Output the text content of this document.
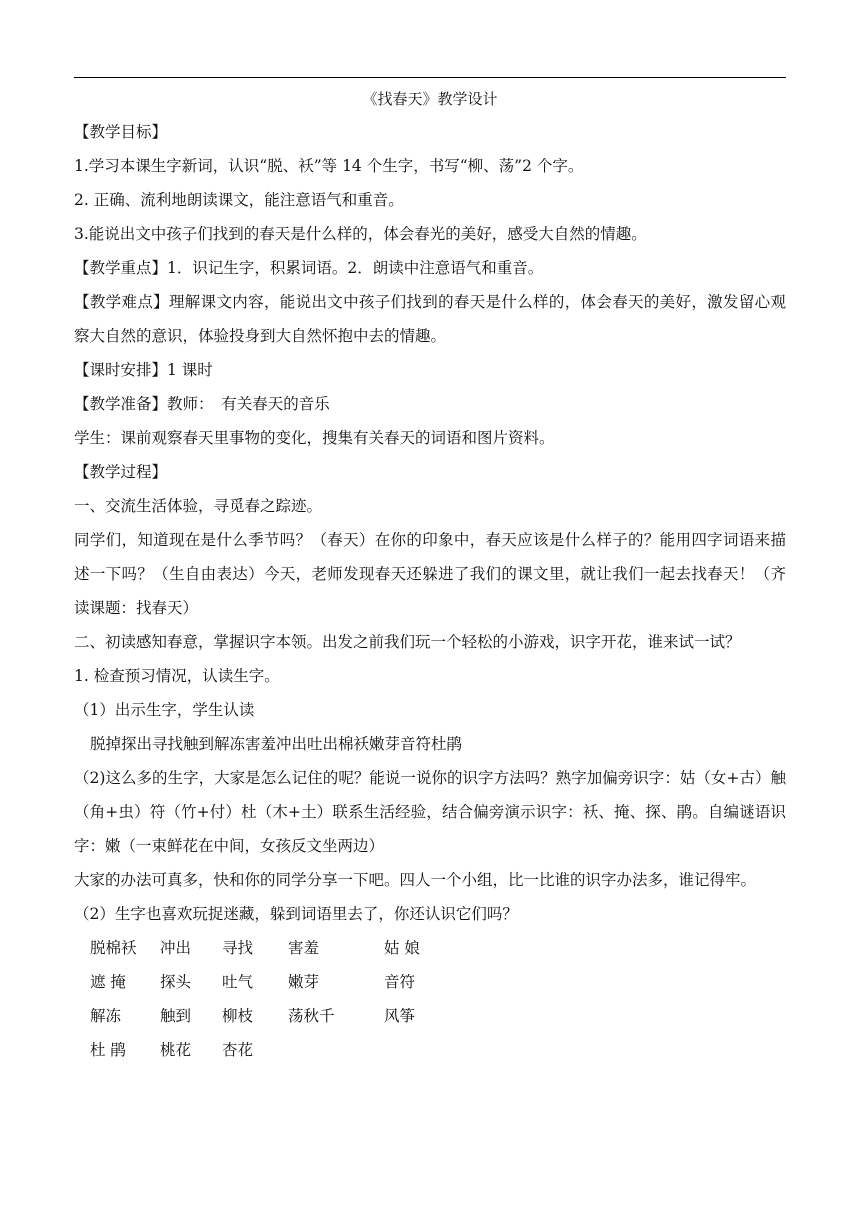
《找春天》教学设计

【教学目标】

1.学习本课生字新词，认识“脱、袄”等 14 个生字，书写“柳、荡”2 个字。

2. 正确、流利地朗读课文，能注意语气和重音。

3.能说出文中孩子们找到的春天是什么样的，体会春光的美好，感受大自然的情趣。

【教学重点】1．识记生字，积累词语。2．朗读中注意语气和重音。

【教学难点】理解课文内容，能说出文中孩子们找到的春天是什么样的，体会春天的美好，激发留心观察大自然的意识，体验投身到大自然怀抱中去的情趣。

【课时安排】1 课时

【教学准备】教师：　有关春天的音乐

学生：课前观察春天里事物的变化，搜集有关春天的词语和图片资料。

【教学过程】

一、交流生活体验，寻觅春之踪迹。

同学们，知道现在是什么季节吗？（春天）在你的印象中，春天应该是什么样子的？能用四字词语来描述一下吗？（生自由表达）今天，老师发现春天还躲进了我们的课文里，就让我们一起去找春天！（齐读课题：找春天）

二、初读感知春意，掌握识字本领。出发之前我们玩一个轻松的小游戏，识字开花，谁来试一试？

1. 检查预习情况，认读生字。

（1）出示生字，学生认读

脱掉探出寻找触到解冻害羞冲出吐出棉袄嫩芽音符杜鹃

（2)这么多的生字，大家是怎么记住的呢？能说一说你的识字方法吗？熟字加偏旁识字：姑（女+古）触（角+虫）符（竹+付）杜（木+土）联系生活经验，结合偏旁演示识字：袄、掩、探、鹃。自编谜语识字：嫩（一束鲜花在中间，女孩反文坐两边）

大家的办法可真多，快和你的同学分享一下吧。四人一个小组，比一比谁的识字办法多，谁记得牢。

（2）生字也喜欢玩捉迷藏，躲到词语里去了，你还认识它们吗？

脱棉袄	冲出	寻找	害羞	姑 娘
遮 掩	探头	吐气	嫩芽	音符
解冻	触到	柳枝	荡秋千	风筝
杜 鹃	桃花	杏花		
